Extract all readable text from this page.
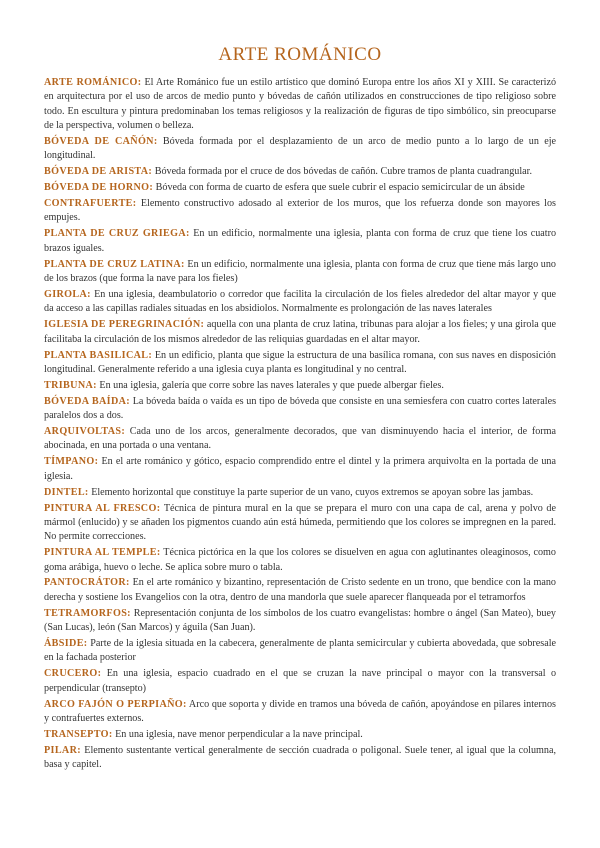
ARTE ROMÁNICO

ARTE ROMÁNICO: El Arte Románico fue un estilo artístico que dominó Europa entre los años XI y XIII. Se caracterizó en arquitectura por el uso de arcos de medio punto y bóvedas de cañón utilizados en construcciones de tipo religioso sobre todo. En escultura y pintura predominaban los temas religiosos y la realización de figuras de tipo simbólico, sin preocuparse de la perspectiva, volumen o belleza.

BÓVEDA DE CAÑÓN: Bóveda formada por el desplazamiento de un arco de medio punto a lo largo de un eje longitudinal.

BÓVEDA DE ARISTA: Bóveda formada por el cruce de dos bóvedas de cañón. Cubre tramos de planta cuadrangular.

BÓVEDA DE HORNO: Bóveda con forma de cuarto de esfera que suele cubrir el espacio semicircular de un ábside

CONTRAFUERTE: Elemento constructivo adosado al exterior de los muros, que los refuerza donde son mayores los empujes.

PLANTA DE CRUZ GRIEGA: En un edificio, normalmente una iglesia, planta con forma de cruz que tiene los cuatro brazos iguales.

PLANTA DE CRUZ LATINA: En un edificio, normalmente una iglesia, planta con forma de cruz que tiene más largo uno de los brazos (que forma la nave para los fieles)

GIROLA: En una iglesia, deambulatorio o corredor que facilita la circulación de los fieles alrededor del altar mayor y que da acceso a las capillas radiales situadas en los absidiolos. Normalmente es prolongación de las naves laterales

IGLESIA DE PEREGRINACIÓN: aquella con una planta de cruz latina, tribunas para alojar a los fieles; y una girola que facilitaba la circulación de los mismos alrededor de las reliquias guardadas en el altar mayor.

PLANTA BASILICAL: En un edificio, planta que sigue la estructura de una basílica romana, con sus naves en disposición longitudinal. Generalmente referido a una iglesia cuya planta es longitudinal y no central.

TRIBUNA: En una iglesia, galería que corre sobre las naves laterales y que puede albergar fieles.

BÓVEDA BAÍDA: La bóveda baída o vaída es un tipo de bóveda que consiste en una semiesfera con cuatro cortes laterales paralelos dos a dos.

ARQUIVOLTAS: Cada uno de los arcos, generalmente decorados, que van disminuyendo hacia el interior, de forma abocinada, en una portada o una ventana.

TÍMPANO: En el arte románico y gótico, espacio comprendido entre el dintel y la primera arquivolta en la portada de una iglesia.

DINTEL: Elemento horizontal que constituye la parte superior de un vano, cuyos extremos se apoyan sobre las jambas.

PINTURA AL FRESCO: Técnica de pintura mural en la que se prepara el muro con una capa de cal, arena y polvo de mármol (enlucido) y se añaden los pigmentos cuando aún está húmeda, permitiendo que los colores se impregnen en la pared. No permite correcciones.

PINTURA AL TEMPLE: Técnica pictórica en la que los colores se disuelven en agua con aglutinantes oleaginosos, como goma arábiga, huevo o leche. Se aplica sobre muro o tabla.

PANTOCRÁTOR: En el arte románico y bizantino, representación de Cristo sedente en un trono, que bendice con la mano derecha y sostiene los Evangelios con la otra, dentro de una mandorla que suele aparecer flanqueada por el tetramorfos

TETRAMORFOS: Representación conjunta de los símbolos de los cuatro evangelistas: hombre o ángel (San Mateo), buey (San Lucas), león (San Marcos) y águila (San Juan).

ÁBSIDE: Parte de la iglesia situada en la cabecera, generalmente de planta semicircular y cubierta abovedada, que sobresale en la fachada posterior

CRUCERO: En una iglesia, espacio cuadrado en el que se cruzan la nave principal o mayor con la transversal o perpendicular (transepto)

ARCO FAJÓN O PERPIAÑO: Arco que soporta y divide en tramos una bóveda de cañón, apoyándose en pilares internos y contrafuertes externos.

TRANSEPTO: En una iglesia, nave menor perpendicular a la nave principal.

PILAR: Elemento sustentante vertical generalmente de sección cuadrada o poligonal. Suele tener, al igual que la columna, basa y capitel.
